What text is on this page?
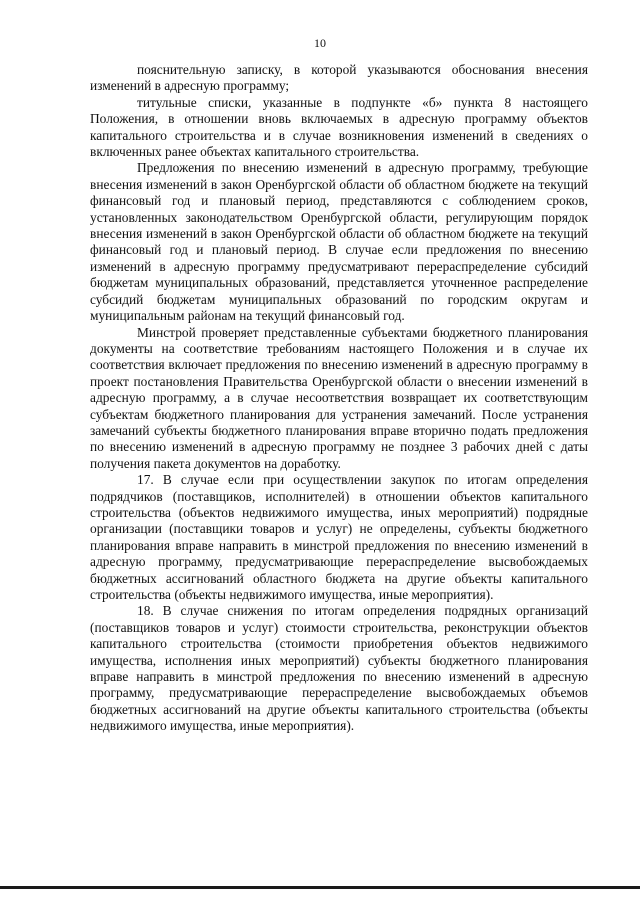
10

пояснительную записку, в которой указываются обоснования внесения изменений в адресную программу;

титульные списки, указанные в подпункте «б» пункта 8 настоящего Положения, в отношении вновь включаемых в адресную программу объектов капитального строительства и в случае возникновения изменений в сведениях о включенных ранее объектах капитального строительства.

Предложения по внесению изменений в адресную программу, требующие внесения изменений в закон Оренбургской области об областном бюджете на текущий финансовый год и плановый период, представляются с соблюдением сроков, установленных законодательством Оренбургской области, регулирующим порядок внесения изменений в закон Оренбургской области об областном бюджете на текущий финансовый год и плановый период. В случае если предложения по внесению изменений в адресную программу предусматривают перераспределение субсидий бюджетам муниципальных образований, представляется уточненное распределение субсидий бюджетам муниципальных образований по городским округам и муниципальным районам на текущий финансовый год.

Минстрой проверяет представленные субъектами бюджетного планирования документы на соответствие требованиям настоящего Положения и в случае их соответствия включает предложения по внесению изменений в адресную программу в проект постановления Правительства Оренбургской области о внесении изменений в адресную программу, а в случае несоответствия возвращает их соответствующим субъектам бюджетного планирования для устранения замечаний. После устранения замечаний субъекты бюджетного планирования вправе вторично подать предложения по внесению изменений в адресную программу не позднее 3 рабочих дней с даты получения пакета документов на доработку.

17. В случае если при осуществлении закупок по итогам определения подрядчиков (поставщиков, исполнителей) в отношении объектов капитального строительства (объектов недвижимого имущества, иных мероприятий) подрядные организации (поставщики товаров и услуг) не определены, субъекты бюджетного планирования вправе направить в минстрой предложения по внесению изменений в адресную программу, предусматривающие перераспределение высвобождаемых бюджетных ассигнований областного бюджета на другие объекты капитального строительства (объекты недвижимого имущества, иные мероприятия).

18. В случае снижения по итогам определения подрядных организаций (поставщиков товаров и услуг) стоимости строительства, реконструкции объектов капитального строительства (стоимости приобретения объектов недвижимого имущества, исполнения иных мероприятий) субъекты бюджетного планирования вправе направить в минстрой предложения по внесению изменений в адресную программу, предусматривающие перераспределение высвобождаемых объемов бюджетных ассигнований на другие объекты капитального строительства (объекты недвижимого имущества, иные мероприятия).
